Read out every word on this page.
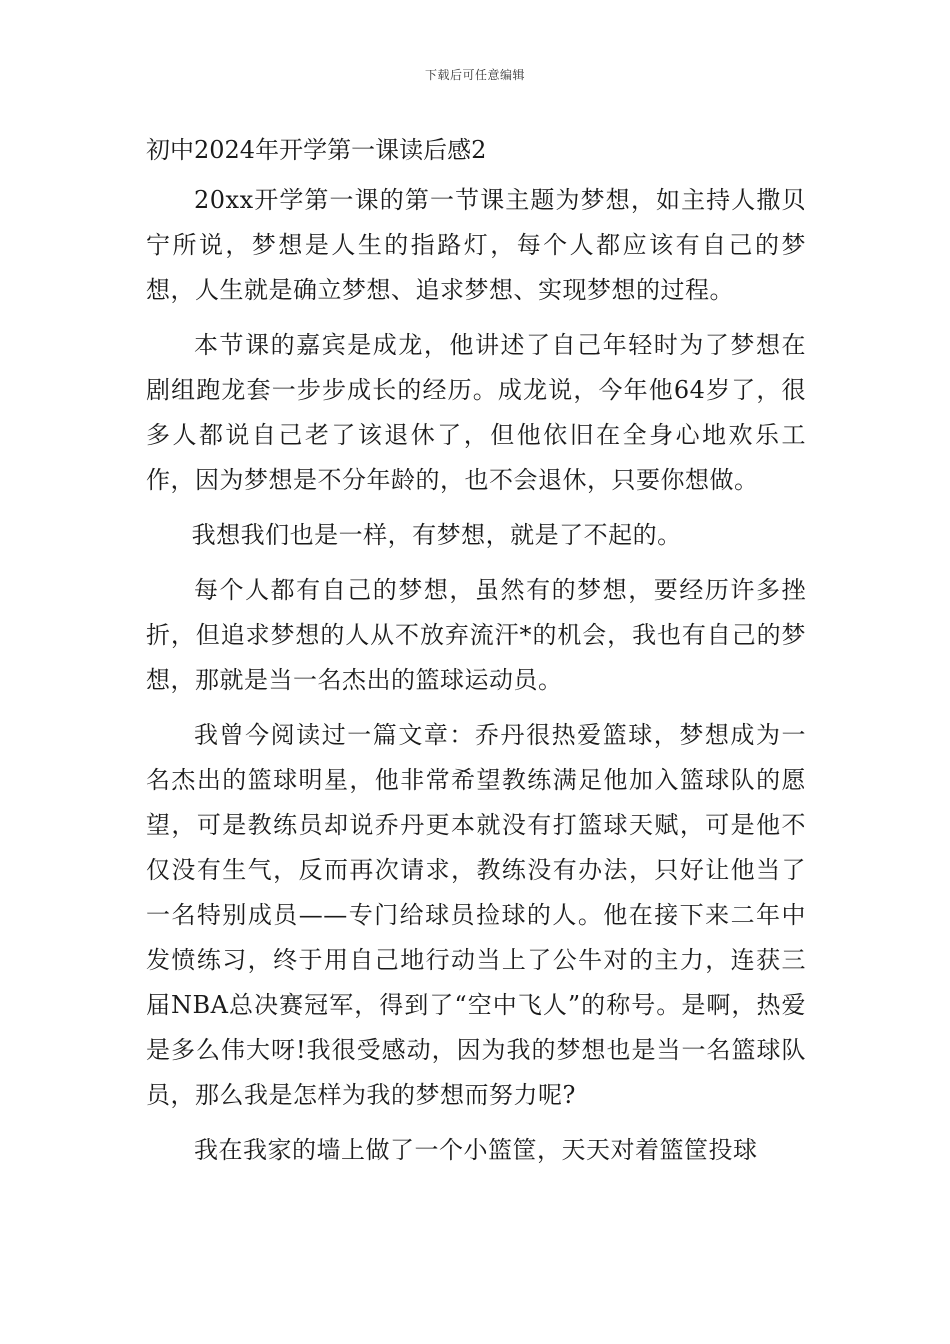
下载后可任意编辑
初中2024年开学第一课读后感2

20xx开学第一课的第一节课主题为梦想，如主持人撒贝宁所说，梦想是人生的指路灯，每个人都应该有自己的梦想，人生就是确立梦想、追求梦想、实现梦想的过程。

本节课的嘉宾是成龙，他讲述了自己年轻时为了梦想在剧组跑龙套一步步成长的经历。成龙说，今年他64岁了，很多人都说自己老了该退休了，但他依旧在全身心地欢乐工作，因为梦想是不分年龄的，也不会退休，只要你想做。

我想我们也是一样，有梦想，就是了不起的。

每个人都有自己的梦想，虽然有的梦想，要经历许多挫折，但追求梦想的人从不放弃流汗*的机会，我也有自己的梦想，那就是当一名杰出的篮球运动员。

我曾今阅读过一篇文章：乔丹很热爱篮球，梦想成为一名杰出的篮球明星，他非常希望教练满足他加入篮球队的愿望，可是教练员却说乔丹更本就没有打篮球天赋，可是他不仅没有生气，反而再次请求，教练没有办法，只好让他当了一名特别成员——专门给球员捡球的人。他在接下来二年中发愤练习，终于用自己地行动当上了公牛对的主力，连获三届NBA总决赛冠军，得到了“空中飞人”的称号。是啊，热爱是多么伟大呀!我很受感动，因为我的梦想也是当一名篮球队员，那么我是怎样为我的梦想而努力呢?

我在我家的墙上做了一个小篮筐，天天对着篮筐投球
